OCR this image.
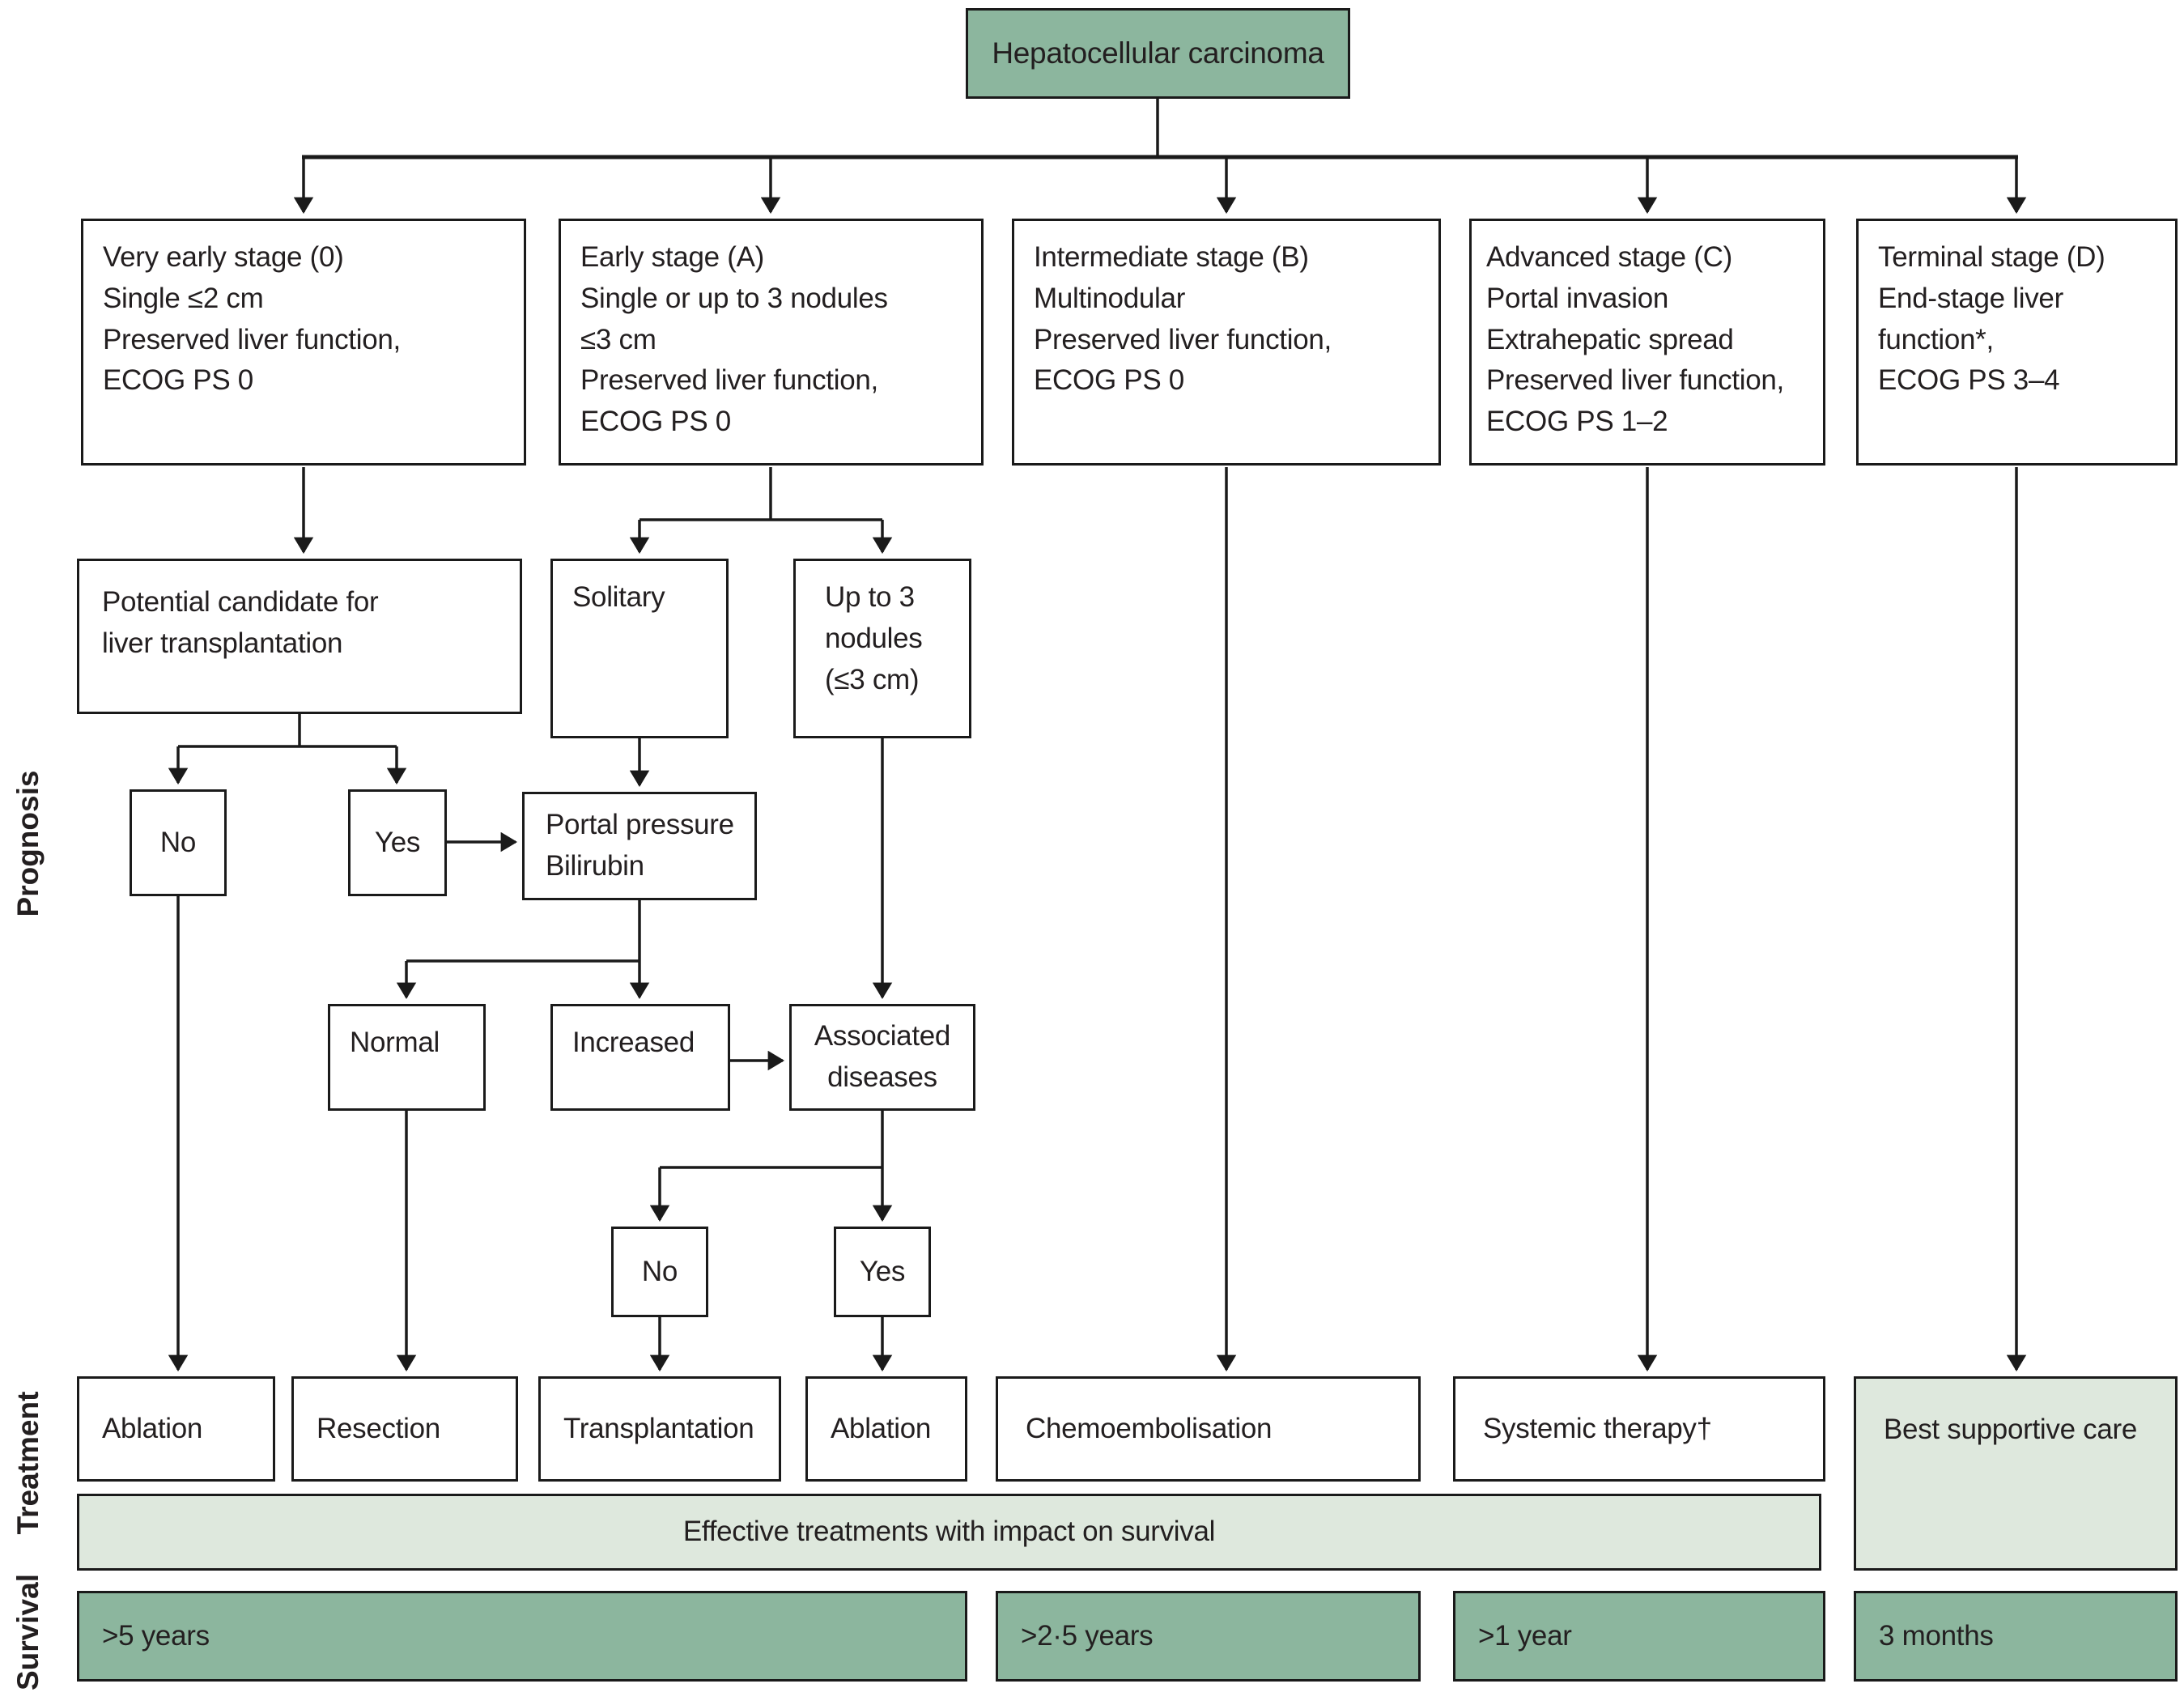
Hepatocellular carcinoma
Very early stage (0)
Single ≤2 cm
Preserved liver function,
ECOG PS 0
Early stage (A)
Single or up to 3 nodules
≤3 cm
Preserved liver function,
ECOG PS 0
Intermediate stage (B)
Multinodular
Preserved liver function,
ECOG PS 0
Advanced stage (C)
Portal invasion
Extrahepatic spread
Preserved liver function,
ECOG PS 1–2
Terminal stage (D)
End-stage liver
function*,
ECOG PS 3–4
Potential candidate for
liver transplantation
Solitary	Up to 3
nodules
(≤3 cm)
No	Yes
Portal pressure
Bilirubin
Normal	Increased	Associated
diseases
No	Yes
Ablation	Resection	Transplantation	Ablation	Chemoembolisation	Systemic therapy†	Best supportive care
Effective treatments with impact on survival
>5 years	>2·5 years	>1 year	3 months
Prognosis
Treatment
Survival
